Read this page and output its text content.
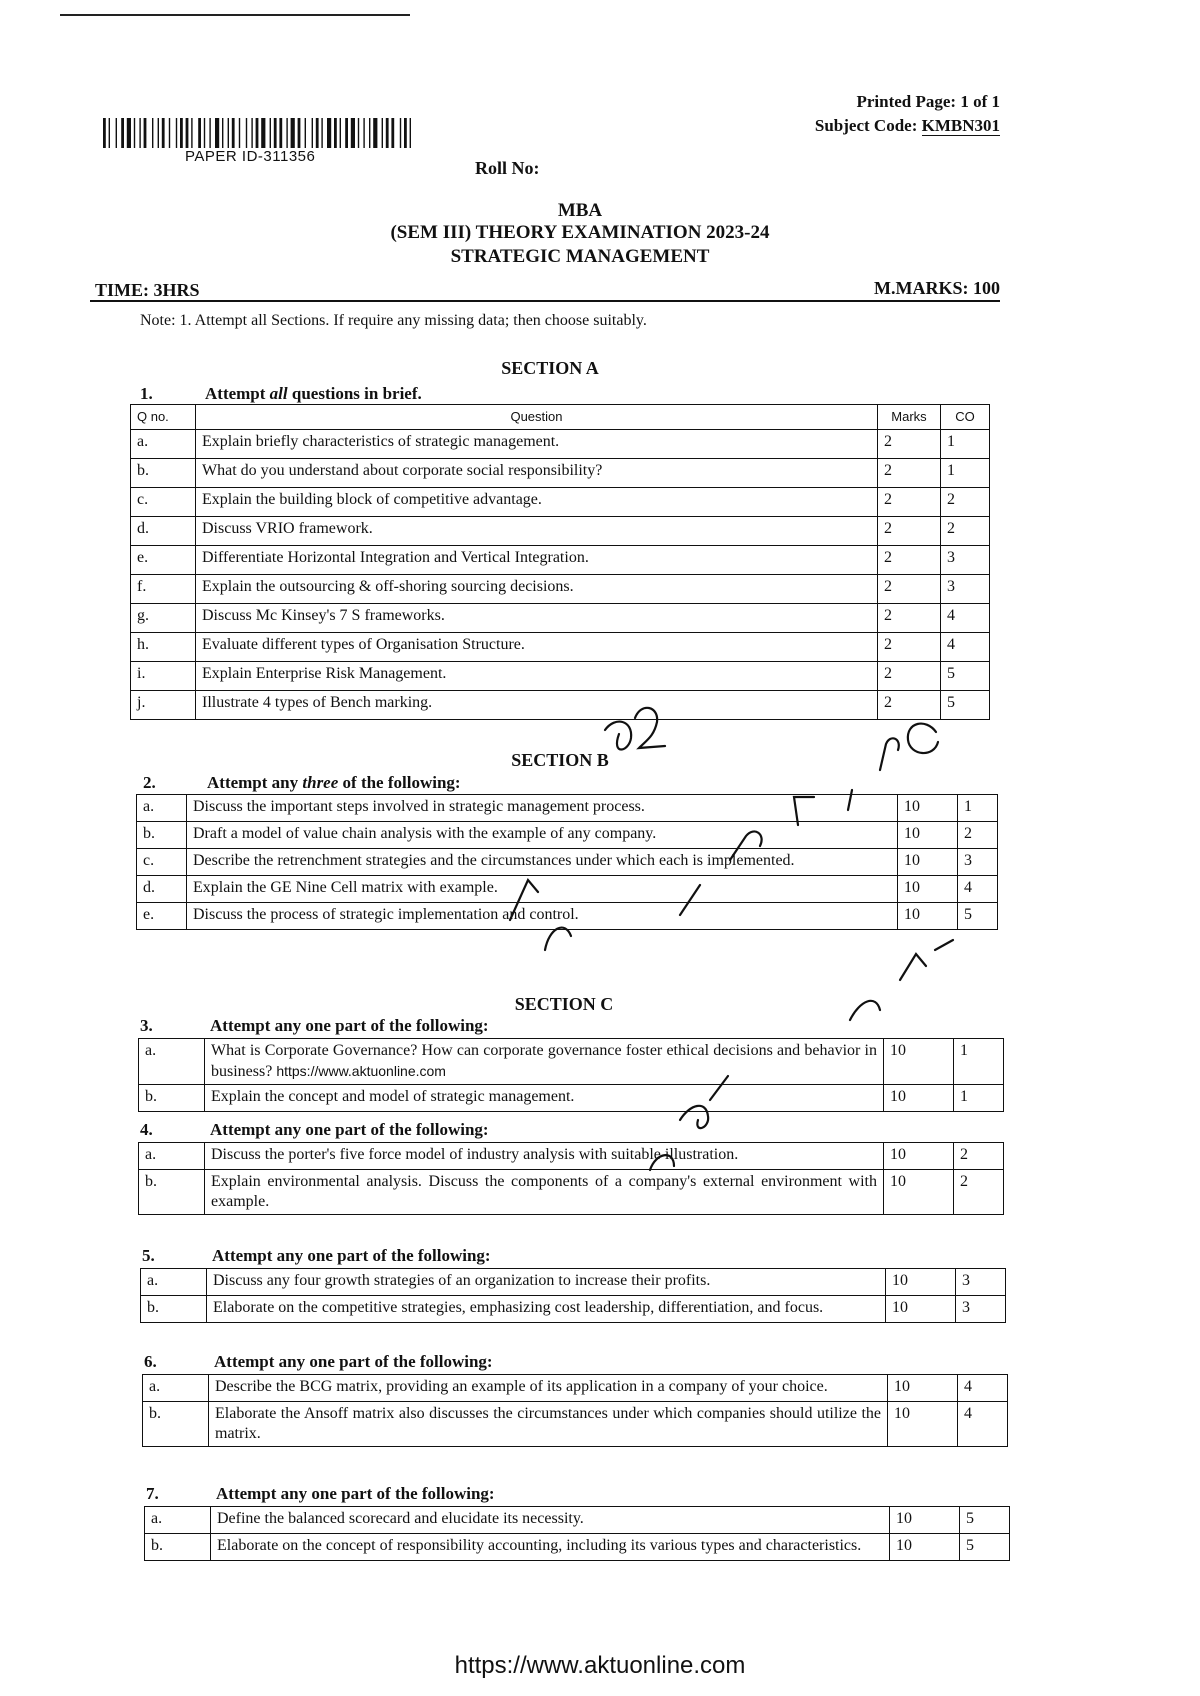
PAPER ID-311356
Printed Page: 1 of 1
Subject Code: KMBN301
Roll No:
MBA
(SEM III) THEORY EXAMINATION 2023-24
STRATEGIC MANAGEMENT
TIME: 3HRS	M.MARKS: 100
Note: 1. Attempt all Sections. If require any missing data; then choose suitably.
SECTION A
1.	Attempt all questions in brief.
Q no.	Question	Marks	CO
a.	Explain briefly characteristics of strategic management.	2	1
b.	What do you understand about corporate social responsibility?	2	1
c.	Explain the building block of competitive advantage.	2	2
d.	Discuss VRIO framework.	2	2
e.	Differentiate Horizontal Integration and Vertical Integration.	2	3
f.	Explain the outsourcing & off-shoring sourcing decisions.	2	3
g.	Discuss Mc Kinsey's 7 S frameworks.	2	4
h.	Evaluate different types of Organisation Structure.	2	4
i.	Explain Enterprise Risk Management.	2	5
j.	Illustrate 4 types of Bench marking.	2	5
SECTION B
2.	Attempt any three of the following:
a.	Discuss the important steps involved in strategic management process.	10	1
b.	Draft a model of value chain analysis with the example of any company.	10	2
c.	Describe the retrenchment strategies and the circumstances under which each is implemented.	10	3
d.	Explain the GE Nine Cell matrix with example.	10	4
e.	Discuss the process of strategic implementation and control.	10	5
SECTION C
3.	Attempt any one part of the following:
a.	What is Corporate Governance? How can corporate governance foster ethical decisions and behavior in business? https://www.aktuonline.com	10	1
b.	Explain the concept and model of strategic management.	10	1
4.	Attempt any one part of the following:
a.	Discuss the porter's five force model of industry analysis with suitable illustration.	10	2
b.	Explain environmental analysis. Discuss the components of a company's external environment with example.	10	2
5.	Attempt any one part of the following:
a.	Discuss any four growth strategies of an organization to increase their profits.	10	3
b.	Elaborate on the competitive strategies, emphasizing cost leadership, differentiation, and focus.	10	3
6.	Attempt any one part of the following:
a.	Describe the BCG matrix, providing an example of its application in a company of your choice.	10	4
b.	Elaborate the Ansoff matrix also discusses the circumstances under which companies should utilize the matrix.	10	4
7.	Attempt any one part of the following:
a.	Define the balanced scorecard and elucidate its necessity.	10	5
b.	Elaborate on the concept of responsibility accounting, including its various types and characteristics.	10	5
https://www.aktuonline.com
